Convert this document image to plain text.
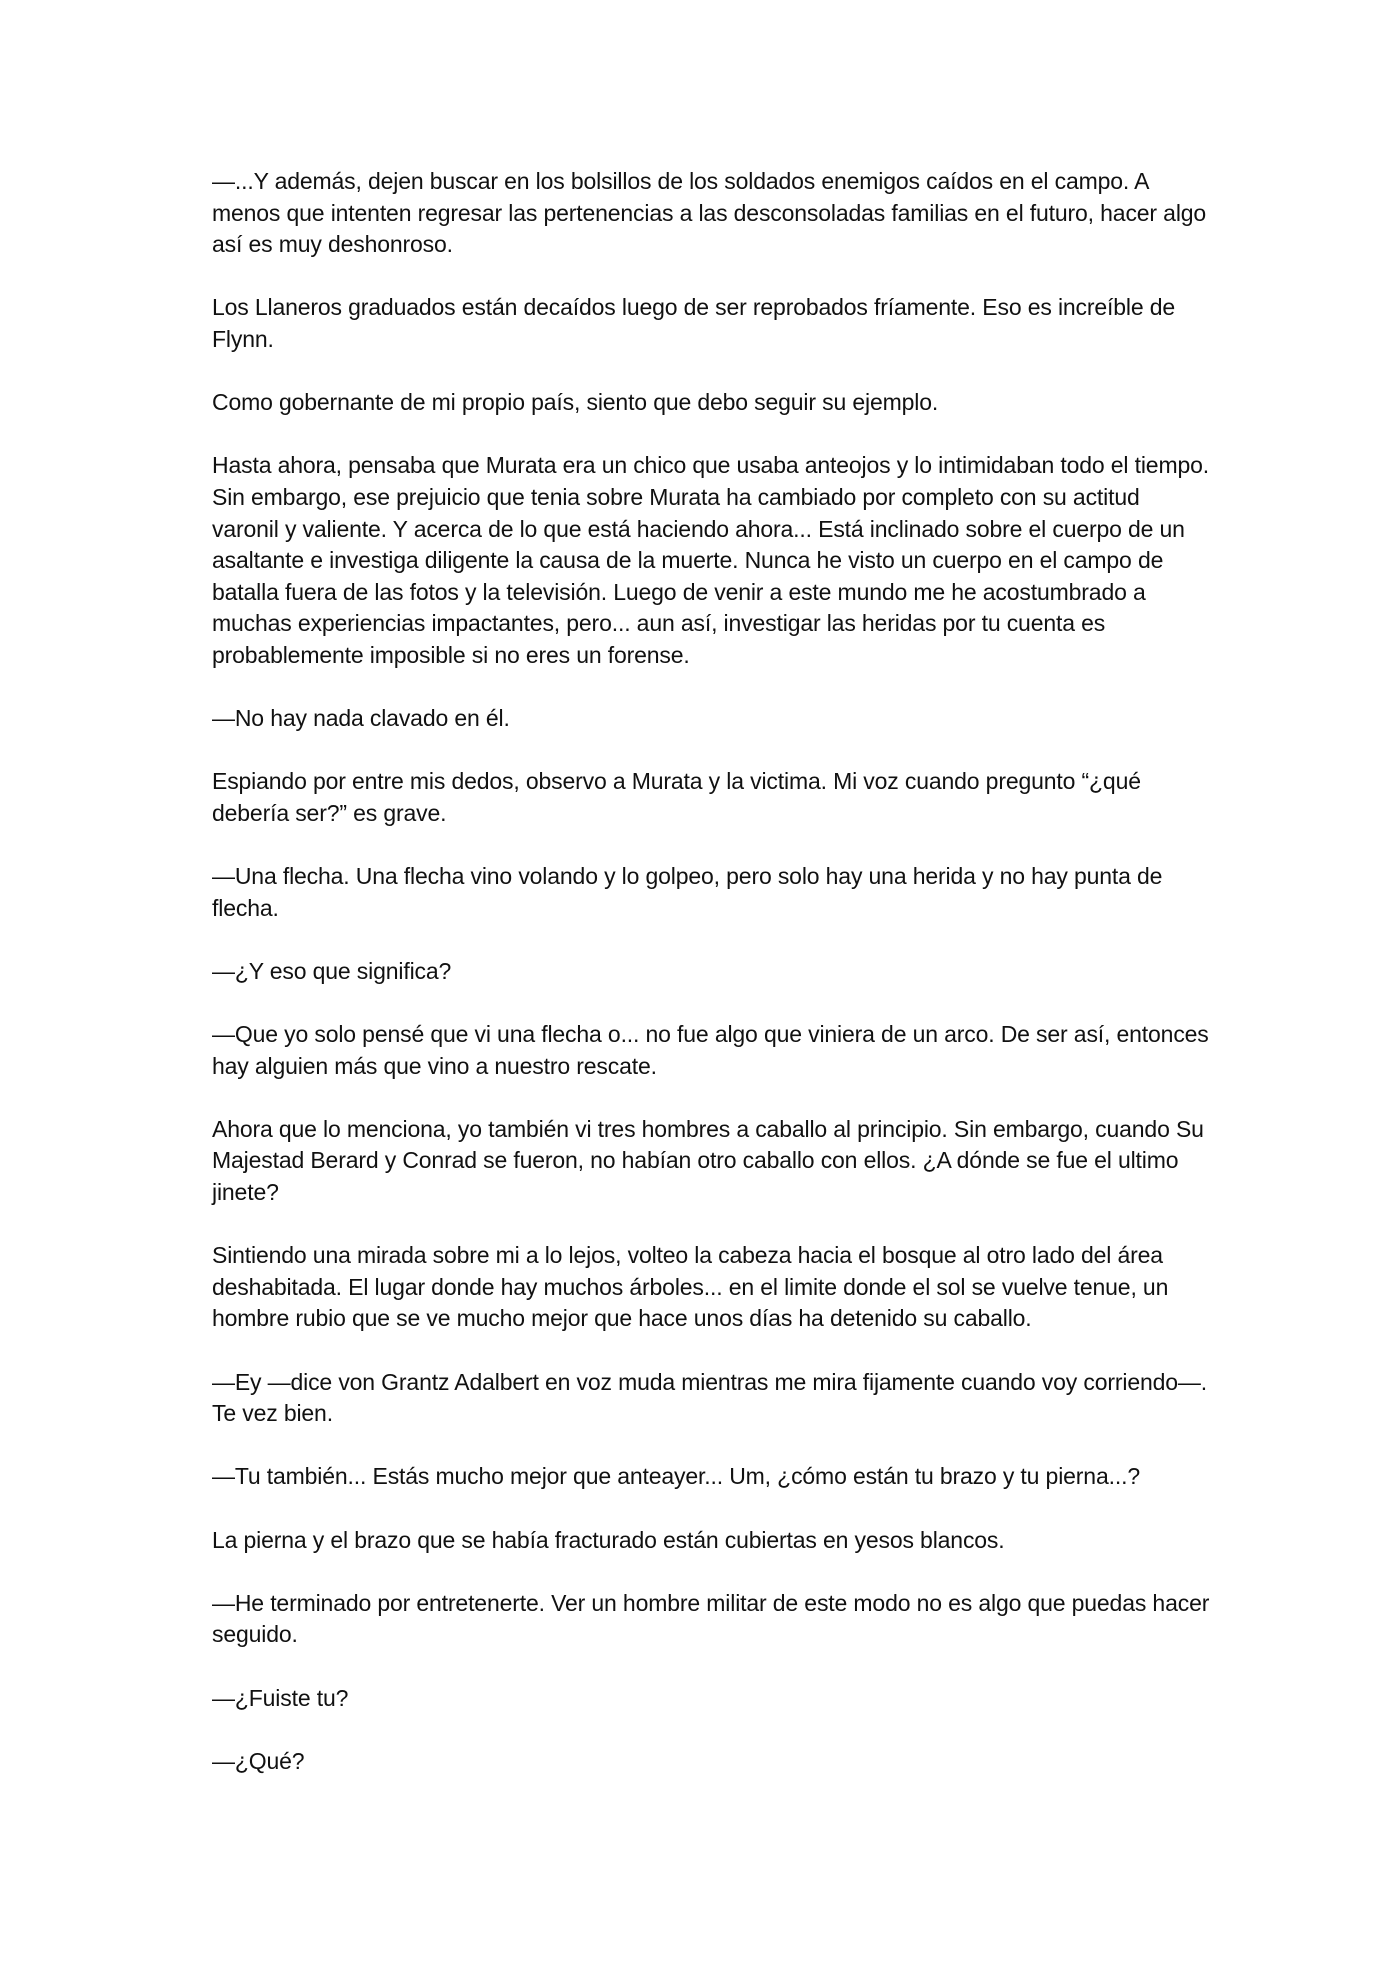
—...Y además, dejen buscar en los bolsillos de los soldados enemigos caídos en el campo. A menos que intenten regresar las pertenencias a las desconsoladas familias en el futuro, hacer algo así es muy deshonroso.

Los Llaneros graduados están decaídos luego de ser reprobados fríamente. Eso es increíble de Flynn.

Como gobernante de mi propio país, siento que debo seguir su ejemplo.

Hasta ahora, pensaba que Murata era un chico que usaba anteojos y lo intimidaban todo el tiempo. Sin embargo, ese prejuicio que tenia sobre Murata ha cambiado por completo con su actitud varonil y valiente. Y acerca de lo que está haciendo ahora... Está inclinado sobre el cuerpo de un asaltante e investiga diligente la causa de la muerte. Nunca he visto un cuerpo en el campo de batalla fuera de las fotos y la televisión. Luego de venir a este mundo me he acostumbrado a muchas experiencias impactantes, pero... aun así, investigar las heridas por tu cuenta es probablemente imposible si no eres un forense.

—No hay nada clavado en él.

Espiando por entre mis dedos, observo a Murata y la victima. Mi voz cuando pregunto “¿qué debería ser?” es grave.

—Una flecha. Una flecha vino volando y lo golpeo, pero solo hay una herida y no hay punta de flecha.

—¿Y eso que significa?

—Que yo solo pensé que vi una flecha o... no fue algo que viniera de un arco. De ser así, entonces hay alguien más que vino a nuestro rescate.

Ahora que lo menciona, yo también vi tres hombres a caballo al principio. Sin embargo, cuando Su Majestad Berard y Conrad se fueron, no habían otro caballo con ellos. ¿A dónde se fue el ultimo jinete?

Sintiendo una mirada sobre mi a lo lejos, volteo la cabeza hacia el bosque al otro lado del área deshabitada. El lugar donde hay muchos árboles... en el limite donde el sol se vuelve tenue, un hombre rubio que se ve mucho mejor que hace unos días ha detenido su caballo.

—Ey —dice von Grantz Adalbert en voz muda mientras me mira fijamente cuando voy corriendo—. Te vez bien.

—Tu también... Estás mucho mejor que anteayer... Um, ¿cómo están tu brazo y tu pierna...?

La pierna y el brazo que se había fracturado están cubiertas en yesos blancos.

—He terminado por entretenerte. Ver un hombre militar de este modo no es algo que puedas hacer seguido.

—¿Fuiste tu?

—¿Qué?
